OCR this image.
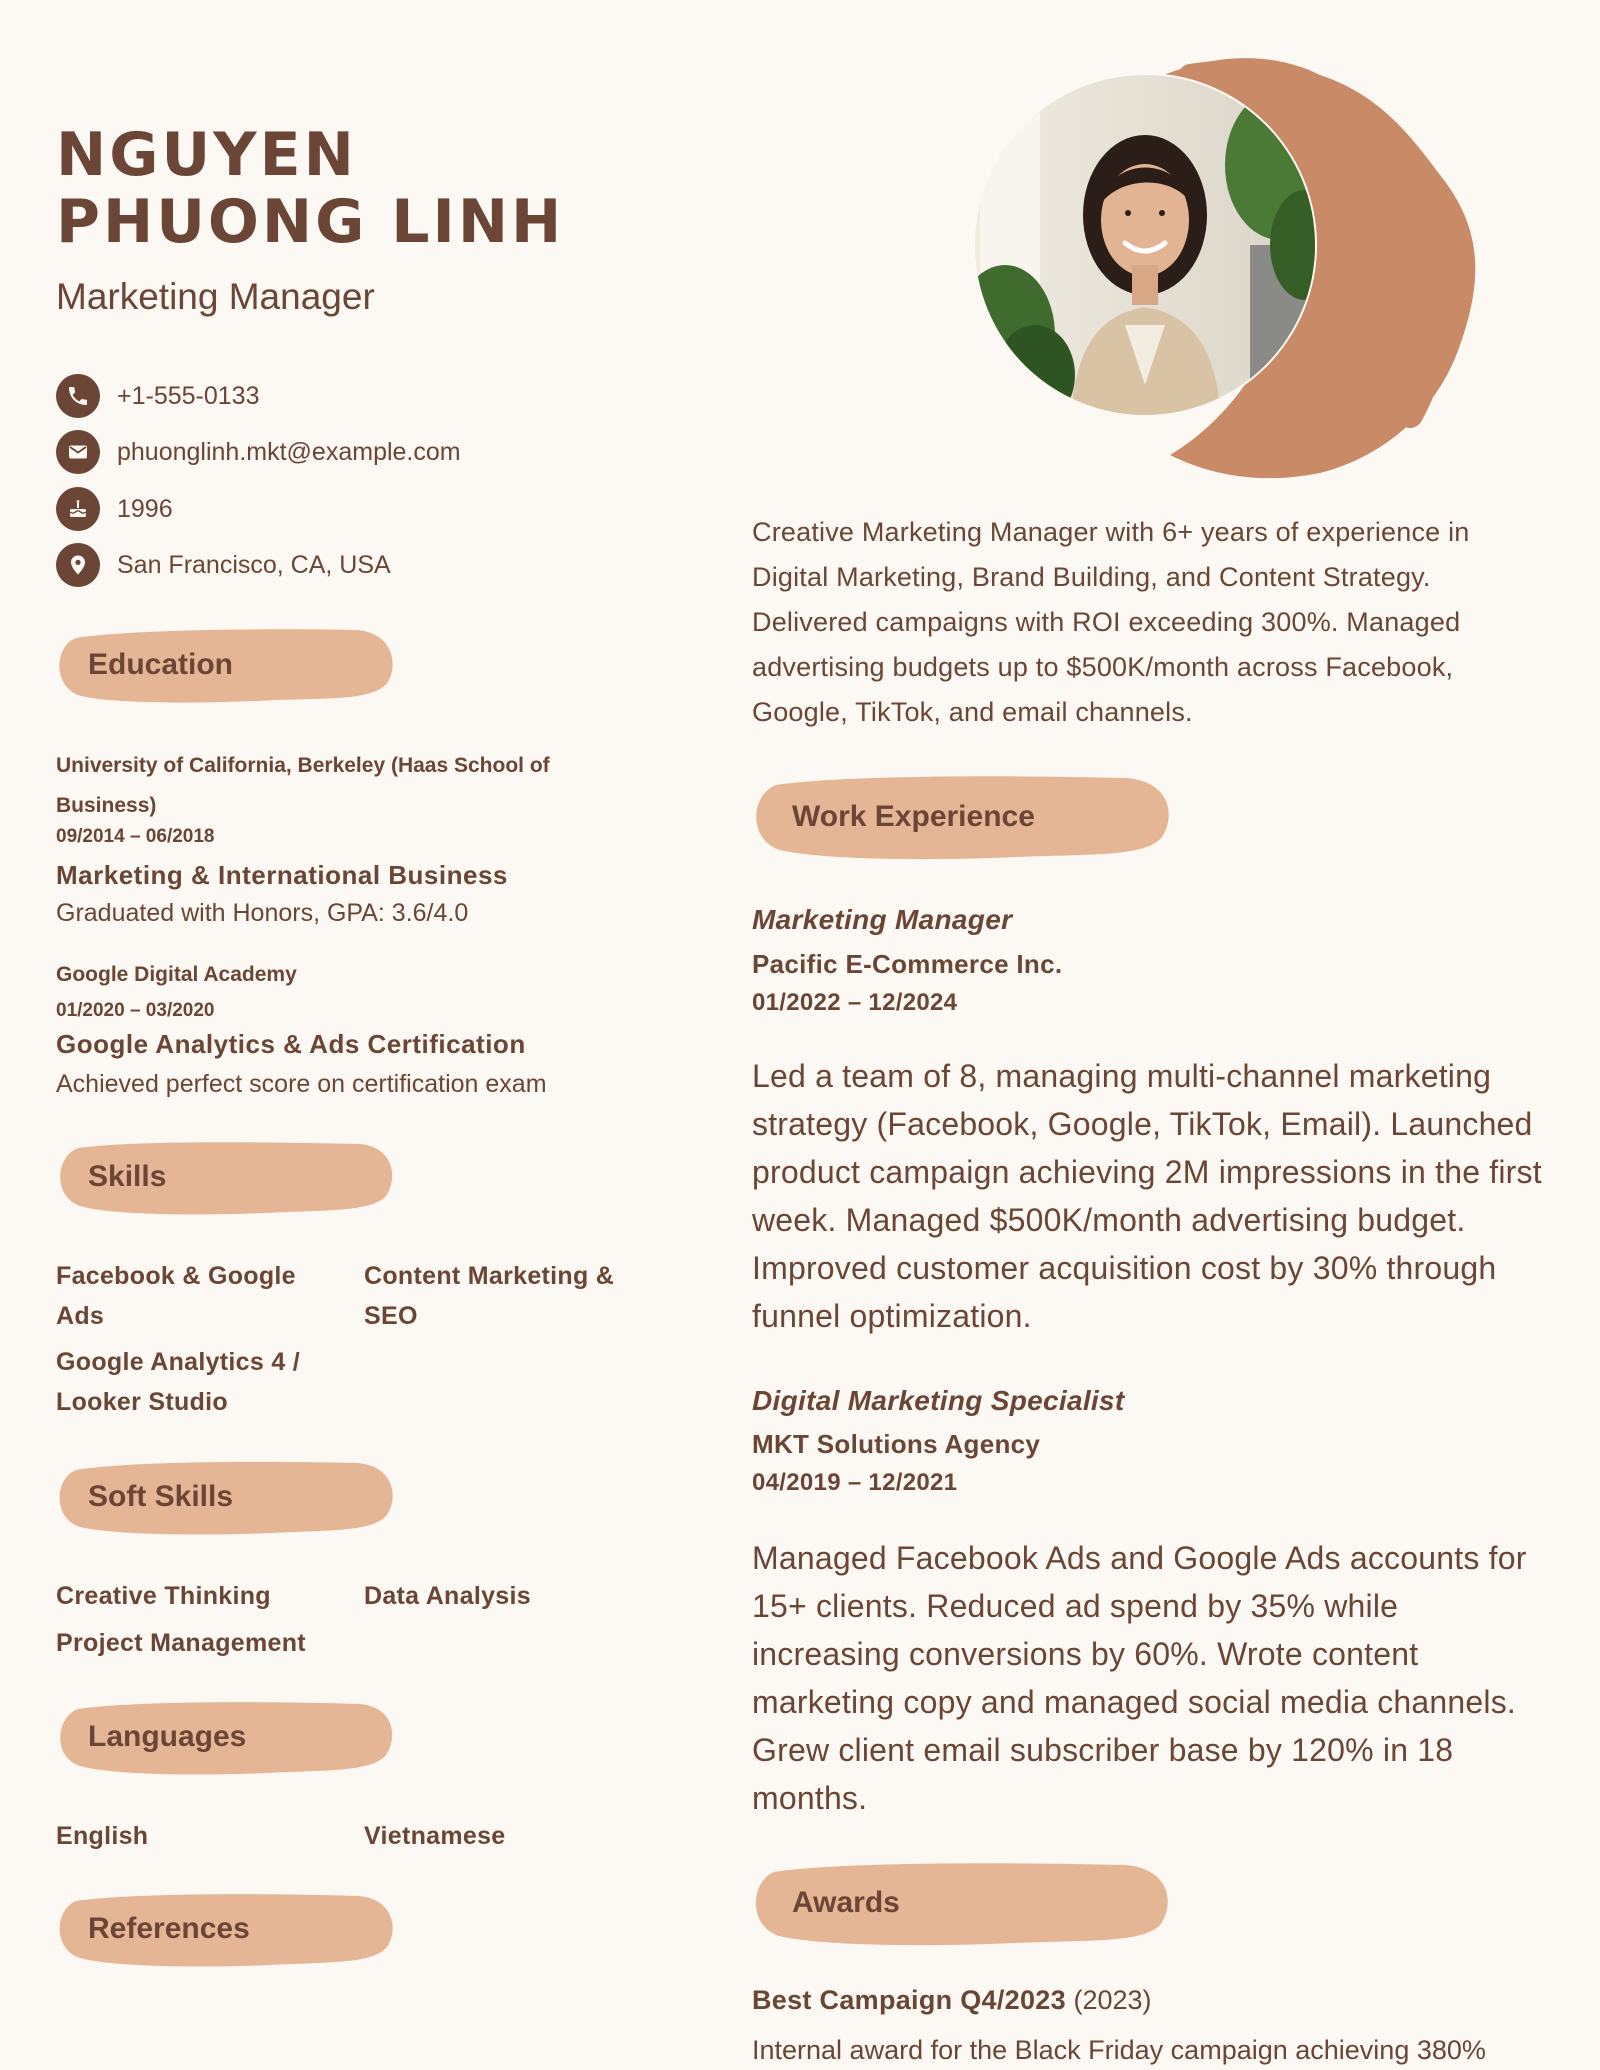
NGUYEN
PHUONG LINH
Marketing Manager
+1-555-0133
phuonglinh.mkt@example.com
1996
San Francisco, CA, USA
Education
University of California, Berkeley (Haas School of Business)
09/2014 – 06/2018
Marketing & International Business
Graduated with Honors, GPA: 3.6/4.0
Google Digital Academy
01/2020 – 03/2020
Google Analytics & Ads Certification
Achieved perfect score on certification exam
Skills
Facebook & Google Ads
Content Marketing & SEO
Google Analytics 4 / Looker Studio
Soft Skills
Creative Thinking	Data Analysis
Project Management
Languages
English	Vietnamese
References
Creative Marketing Manager with 6+ years of experience in Digital Marketing, Brand Building, and Content Strategy. Delivered campaigns with ROI exceeding 300%. Managed advertising budgets up to $500K/month across Facebook, Google, TikTok, and email channels.
Work Experience
Marketing Manager
Pacific E-Commerce Inc.
01/2022 – 12/2024
Led a team of 8, managing multi-channel marketing strategy (Facebook, Google, TikTok, Email). Launched product campaign achieving 2M impressions in the first week. Managed $500K/month advertising budget. Improved customer acquisition cost by 30% through funnel optimization.
Digital Marketing Specialist
MKT Solutions Agency
04/2019 – 12/2021
Managed Facebook Ads and Google Ads accounts for 15+ clients. Reduced ad spend by 35% while increasing conversions by 60%. Wrote content marketing copy and managed social media channels. Grew client email subscriber base by 120% in 18 months.
Awards
Best Campaign Q4/2023 (2023)
Internal award for the Black Friday campaign achieving 380%
